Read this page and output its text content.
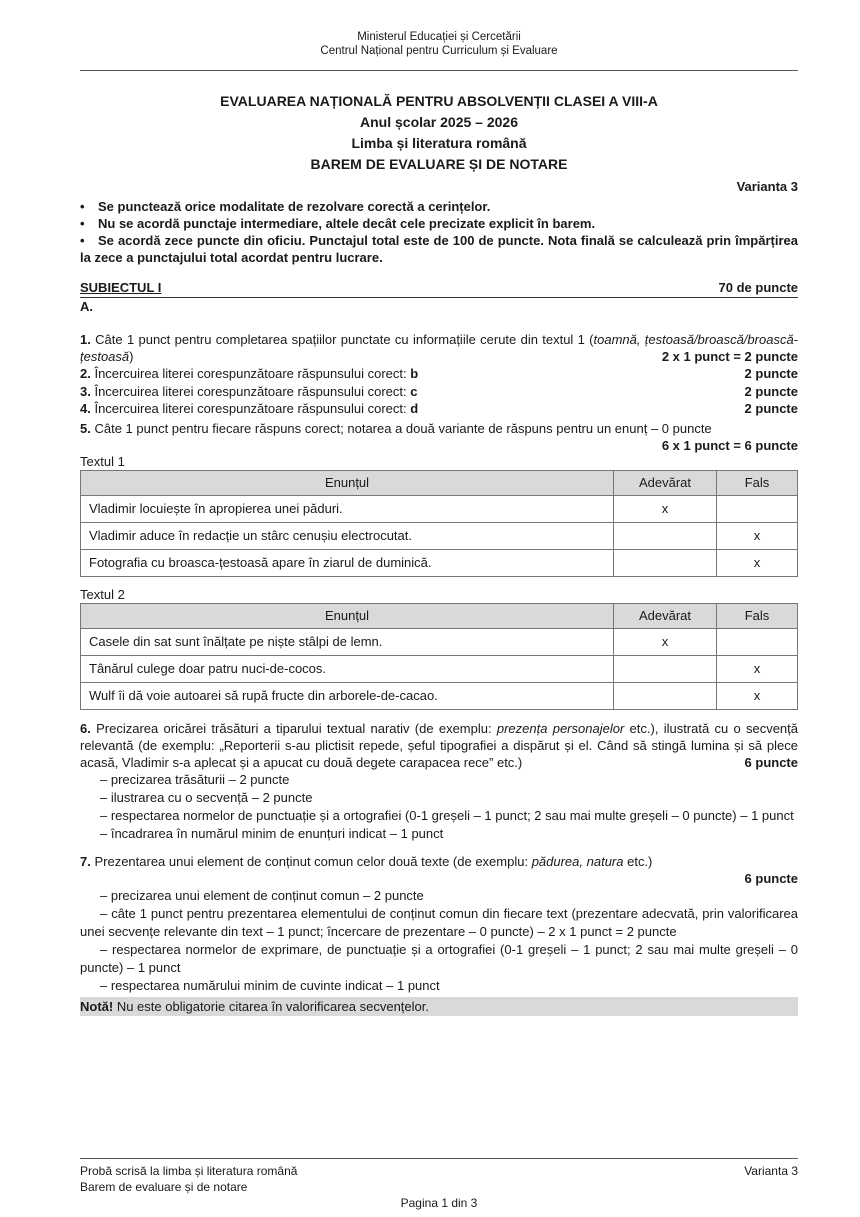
Ministerul Educației și Cercetării
Centrul Național pentru Curriculum și Evaluare
EVALUAREA NAȚIONALĂ PENTRU ABSOLVENȚII CLASEI A VIII-A
Anul școlar 2025 – 2026
Limba și literatura română
BAREM DE EVALUARE ȘI DE NOTARE
Varianta 3
• Se punctează orice modalitate de rezolvare corectă a cerințelor.
• Nu se acordă punctaje intermediare, altele decât cele precizate explicit în barem.
• Se acordă zece puncte din oficiu. Punctajul total este de 100 de puncte. Nota finală se calculează prin împărțirea la zece a punctajului total acordat pentru lucrare.
SUBIECTUL I	70 de puncte
A.
1. Câte 1 punct pentru completarea spațiilor punctate cu informațiile cerute din textul 1 (toamnă, țestoasă/broască/broască-țestoasă)	2 x 1 punct = 2 puncte
2. Încercuirea literei corespunzătoare răspunsului corect: b	2 puncte
3. Încercuirea literei corespunzătoare răspunsului corect: c	2 puncte
4. Încercuirea literei corespunzătoare răspunsului corect: d	2 puncte
5. Câte 1 punct pentru fiecare răspuns corect; notarea a două variante de răspuns pentru un enunț – 0 puncte
6 x 1 punct = 6 puncte
Textul 1
Enunțul	Adevărat	Fals
Vladimir locuiește în apropierea unei păduri.	x	
Vladimir aduce în redacție un stârc cenușiu electrocutat.		x
Fotografia cu broasca-țestoasă apare în ziarul de duminică.		x
Textul 2
Enunțul	Adevărat	Fals
Casele din sat sunt înălțate pe niște stâlpi de lemn.	x	
Tânărul culege doar patru nuci-de-cocos.		x
Wulf îi dă voie autoarei să rupă fructe din arborele-de-cacao.		x
6. Precizarea oricărei trăsături a tiparului textual narativ (de exemplu: prezența personajelor etc.), ilustrată cu o secvență relevantă (de exemplu: „Reporterii s-au plictisit repede, șeful tipografiei a dispărut și el. Când să stingă lumina și să plece acasă, Vladimir s-a aplecat și a apucat cu două degete carapacea rece” etc.)	6 puncte
– precizarea trăsăturii – 2 puncte
– ilustrarea cu o secvență – 2 puncte
– respectarea normelor de punctuație și a ortografiei (0-1 greșeli – 1 punct; 2 sau mai multe greșeli – 0 puncte) – 1 punct
– încadrarea în numărul minim de enunțuri indicat – 1 punct
7. Prezentarea unui element de conținut comun celor două texte (de exemplu: pădurea, natura etc.)
6 puncte
– precizarea unui element de conținut comun – 2 puncte
– câte 1 punct pentru prezentarea elementului de conținut comun din fiecare text (prezentare adecvată, prin valorificarea unei secvențe relevante din text – 1 punct; încercare de prezentare – 0 puncte) – 2 x 1 punct = 2 puncte
– respectarea normelor de exprimare, de punctuație și a ortografiei (0-1 greșeli – 1 punct; 2 sau mai multe greșeli – 0 puncte) – 1 punct
– respectarea numărului minim de cuvinte indicat – 1 punct
Notă! Nu este obligatorie citarea în valorificarea secvențelor.
Probă scrisă la limba și literatura română
Barem de evaluare și de notare
Varianta 3
Pagina 1 din 3
